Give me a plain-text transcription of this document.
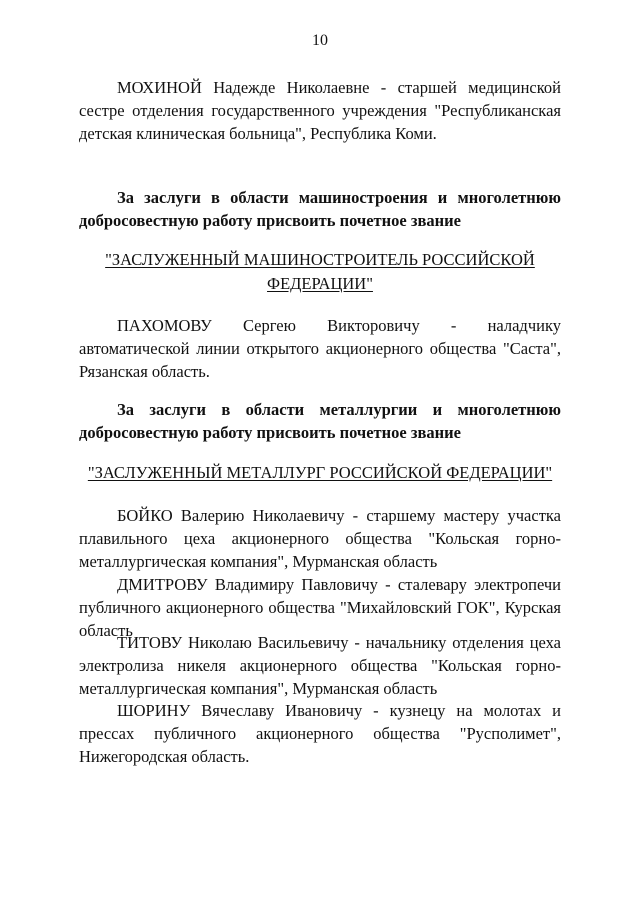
10
МОХИНОЙ Надежде Николаевне - старшей медицинской сестре отделения государственного учреждения "Республиканская детская клиническая больница", Республика Коми.
За заслуги в области машиностроения и многолетнюю добросовестную работу присвоить почетное звание
"ЗАСЛУЖЕННЫЙ МАШИНОСТРОИТЕЛЬ РОССИЙСКОЙ ФЕДЕРАЦИИ"
ПАХОМОВУ Сергею Викторовичу - наладчику автоматической линии открытого акционерного общества "Саста", Рязанская область.
За заслуги в области металлургии и многолетнюю добросовестную работу присвоить почетное звание
"ЗАСЛУЖЕННЫЙ МЕТАЛЛУРГ РОССИЙСКОЙ ФЕДЕРАЦИИ"
БОЙКО Валерию Николаевичу - старшему мастеру участка плавильного цеха акционерного общества "Кольская горно-металлургическая компания", Мурманская область
ДМИТРОВУ Владимиру Павловичу - сталевару электропечи публичного акционерного общества "Михайловский ГОК", Курская область
ТИТОВУ Николаю Васильевичу - начальнику отделения цеха электролиза никеля акционерного общества "Кольская горно-металлургическая компания", Мурманская область
ШОРИНУ Вячеславу Ивановичу - кузнецу на молотах и прессах публичного акционерного общества "Русполимет", Нижегородская область.
